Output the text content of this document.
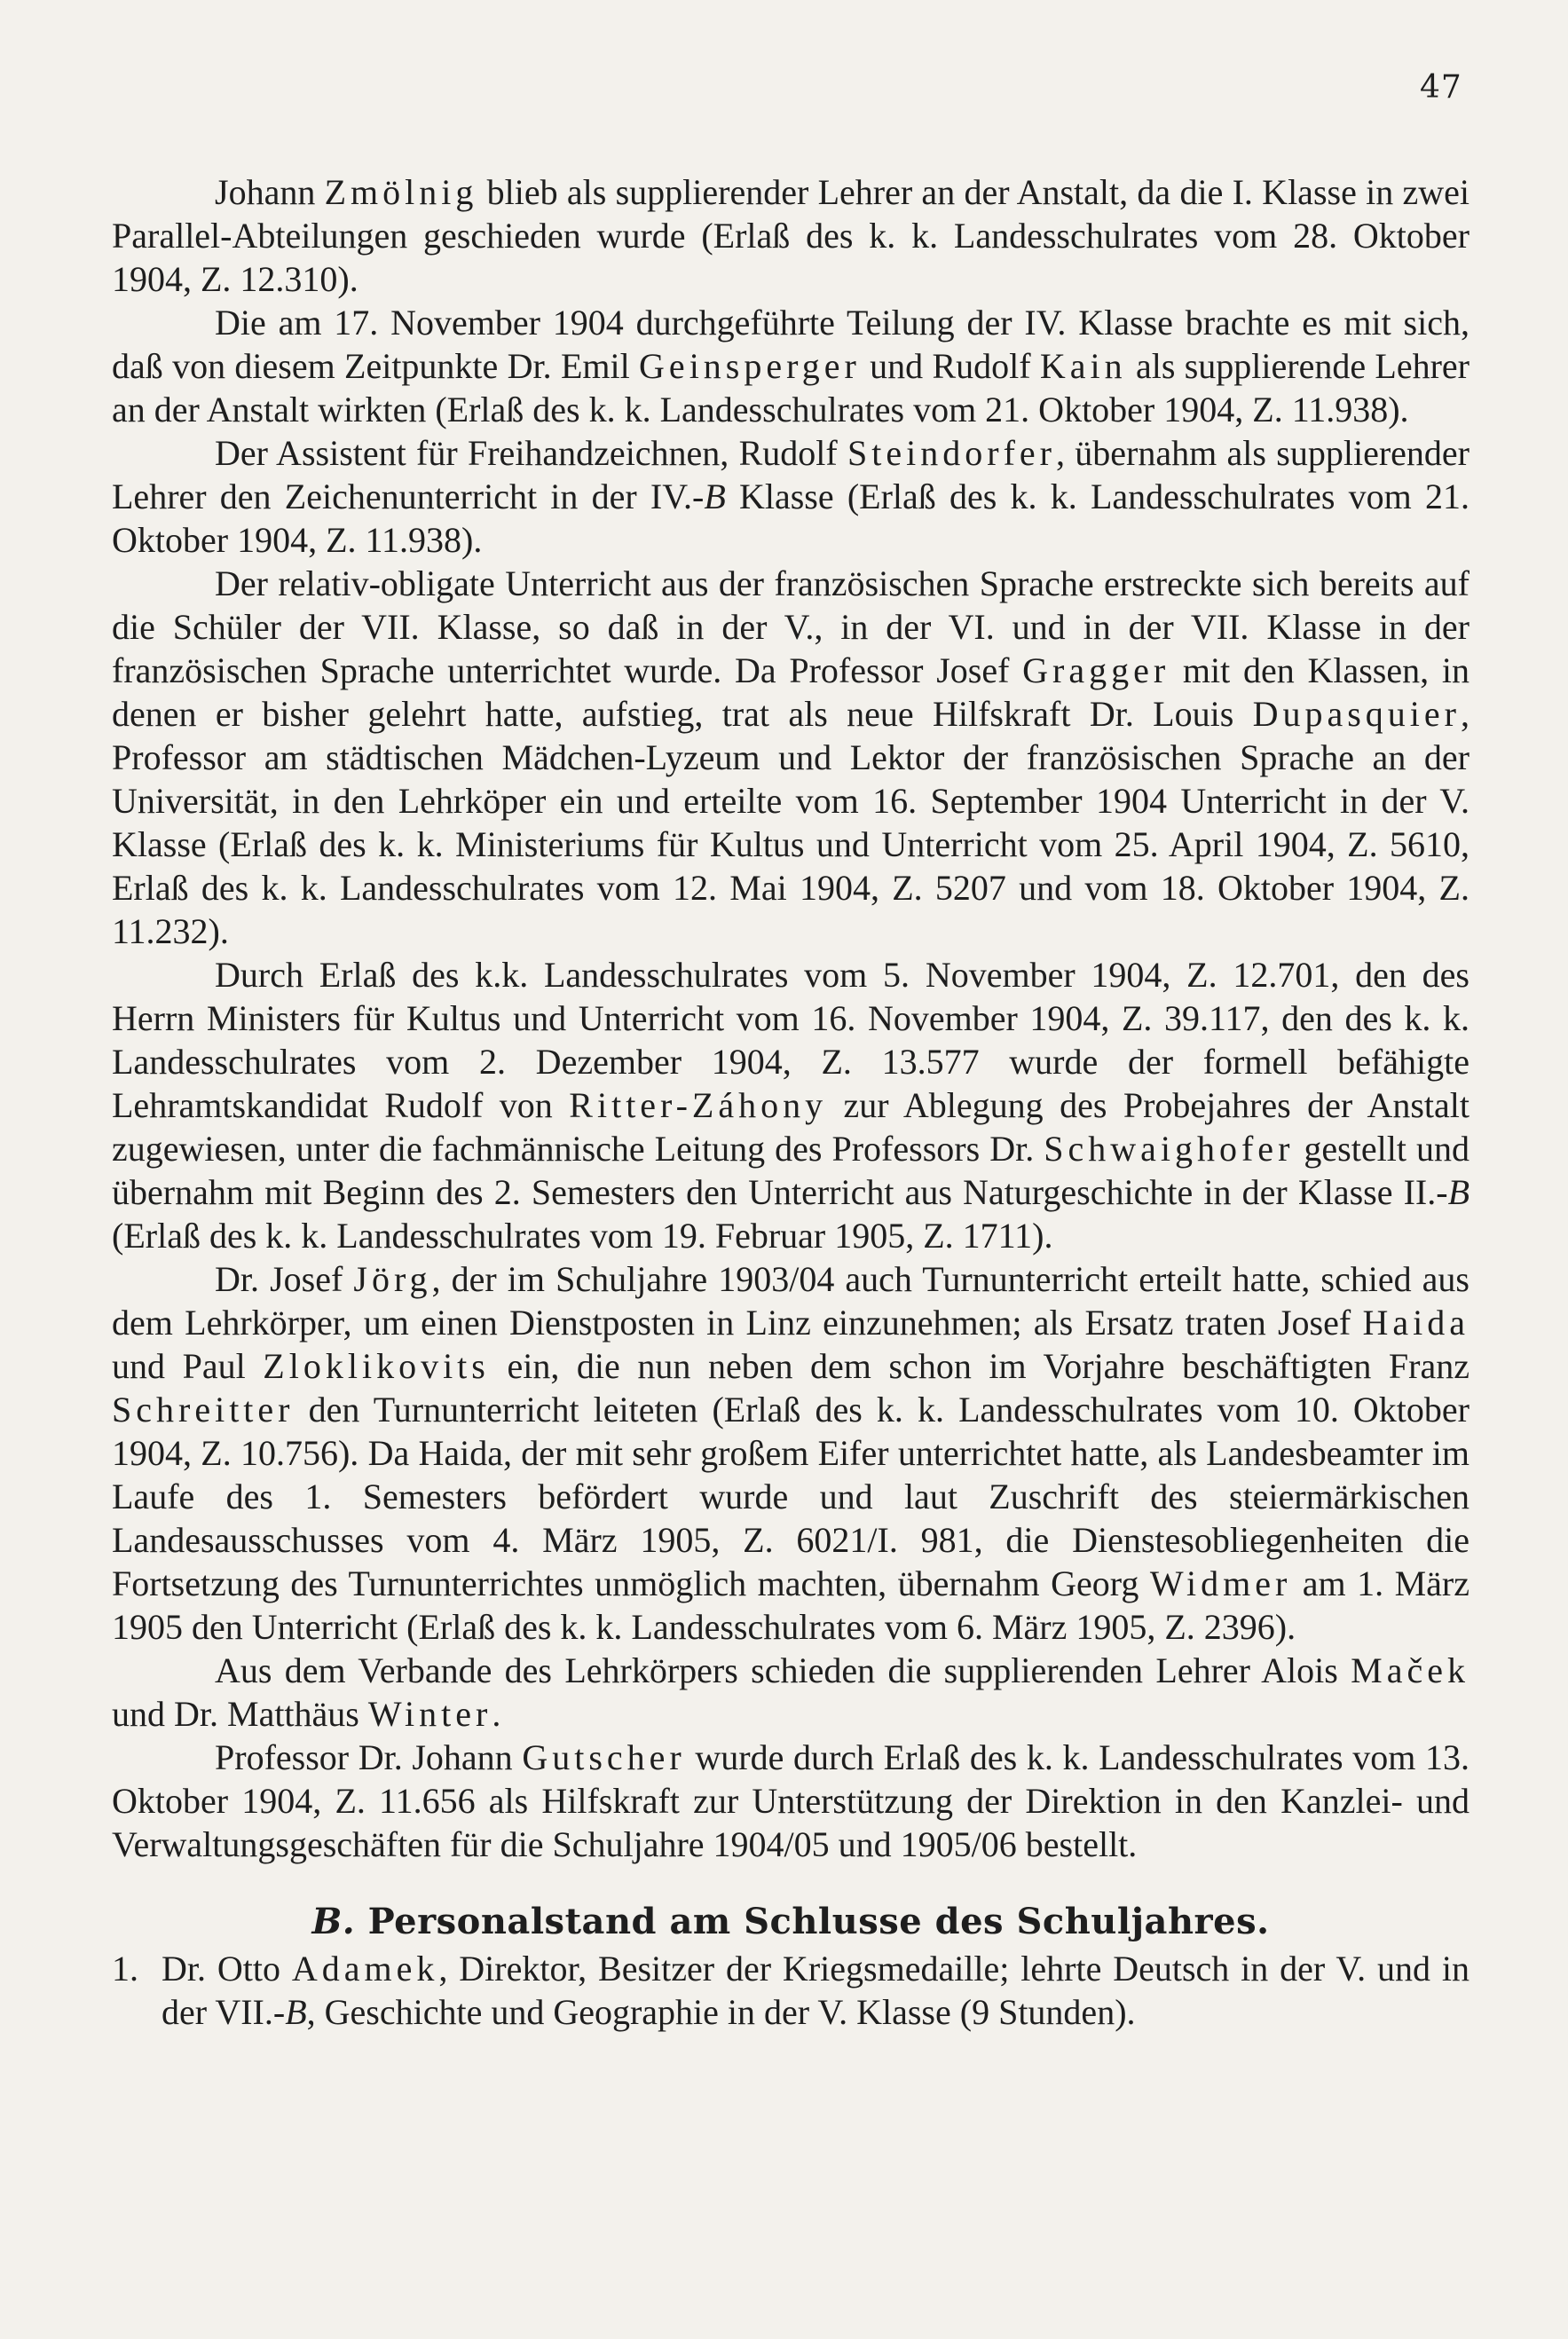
47

Johann Zmölnig blieb als supplierender Lehrer an der Anstalt, da die I. Klasse in zwei Parallel-Abteilungen geschieden wurde (Erlaß des k. k. Landesschulrates vom 28. Oktober 1904, Z. 12.310).

Die am 17. November 1904 durchgeführte Teilung der IV. Klasse brachte es mit sich, daß von diesem Zeitpunkte Dr. Emil Geinsperger und Rudolf Kain als supplierende Lehrer an der Anstalt wirkten (Erlaß des k. k. Landesschulrates vom 21. Oktober 1904, Z. 11.938).

Der Assistent für Freihandzeichnen, Rudolf Steindorfer, übernahm als supplierender Lehrer den Zeichenunterricht in der IV.-B Klasse (Erlaß des k. k. Landesschulrates vom 21. Oktober 1904, Z. 11.938).

Der relativ-obligate Unterricht aus der französischen Sprache erstreckte sich bereits auf die Schüler der VII. Klasse, so daß in der V., in der VI. und in der VII. Klasse in der französischen Sprache unterrichtet wurde. Da Professor Josef Gragger mit den Klassen, in denen er bisher gelehrt hatte, aufstieg, trat als neue Hilfskraft Dr. Louis Dupasquier, Professor am städtischen Mädchen-Lyzeum und Lektor der französischen Sprache an der Universität, in den Lehrköper ein und erteilte vom 16. September 1904 Unterricht in der V. Klasse (Erlaß des k. k. Ministeriums für Kultus und Unterricht vom 25. April 1904, Z. 5610, Erlaß des k. k. Landesschulrates vom 12. Mai 1904, Z. 5207 und vom 18. Oktober 1904, Z. 11.232).

Durch Erlaß des k.k. Landesschulrates vom 5. November 1904, Z. 12.701, den des Herrn Ministers für Kultus und Unterricht vom 16. November 1904, Z. 39.117, den des k. k. Landesschulrates vom 2. Dezember 1904, Z. 13.577 wurde der formell befähigte Lehramtskandidat Rudolf von Ritter-Záhony zur Ablegung des Probejahres der Anstalt zugewiesen, unter die fachmännische Leitung des Professors Dr. Schwaighofer gestellt und übernahm mit Beginn des 2. Semesters den Unterricht aus Naturgeschichte in der Klasse II.-B (Erlaß des k. k. Landesschulrates vom 19. Februar 1905, Z. 1711).

Dr. Josef Jörg, der im Schuljahre 1903/04 auch Turnunterricht erteilt hatte, schied aus dem Lehrkörper, um einen Dienstposten in Linz einzunehmen; als Ersatz traten Josef Haida und Paul Zloklikovits ein, die nun neben dem schon im Vorjahre beschäftigten Franz Schreitter den Turnunterricht leiteten (Erlaß des k. k. Landesschulrates vom 10. Oktober 1904, Z. 10.756). Da Haida, der mit sehr großem Eifer unterrichtet hatte, als Landesbeamter im Laufe des 1. Semesters befördert wurde und laut Zuschrift des steiermärkischen Landesausschusses vom 4. März 1905, Z. 6021/I. 981, die Dienstesobliegenheiten die Fortsetzung des Turnunterrichtes unmöglich machten, übernahm Georg Widmer am 1. März 1905 den Unterricht (Erlaß des k. k. Landesschulrates vom 6. März 1905, Z. 2396).

Aus dem Verbande des Lehrkörpers schieden die supplierenden Lehrer Alois Maček und Dr. Matthäus Winter.

Professor Dr. Johann Gutscher wurde durch Erlaß des k. k. Landesschulrates vom 13. Oktober 1904, Z. 11.656 als Hilfskraft zur Unterstützung der Direktion in den Kanzlei- und Verwaltungsgeschäften für die Schuljahre 1904/05 und 1905/06 bestellt.

B. Personalstand am Schlusse des Schuljahres.
1. Dr. Otto Adamek, Direktor, Besitzer der Kriegsmedaille; lehrte Deutsch in der V. und in der VII.-B, Geschichte und Geographie in der V. Klasse (9 Stunden).
